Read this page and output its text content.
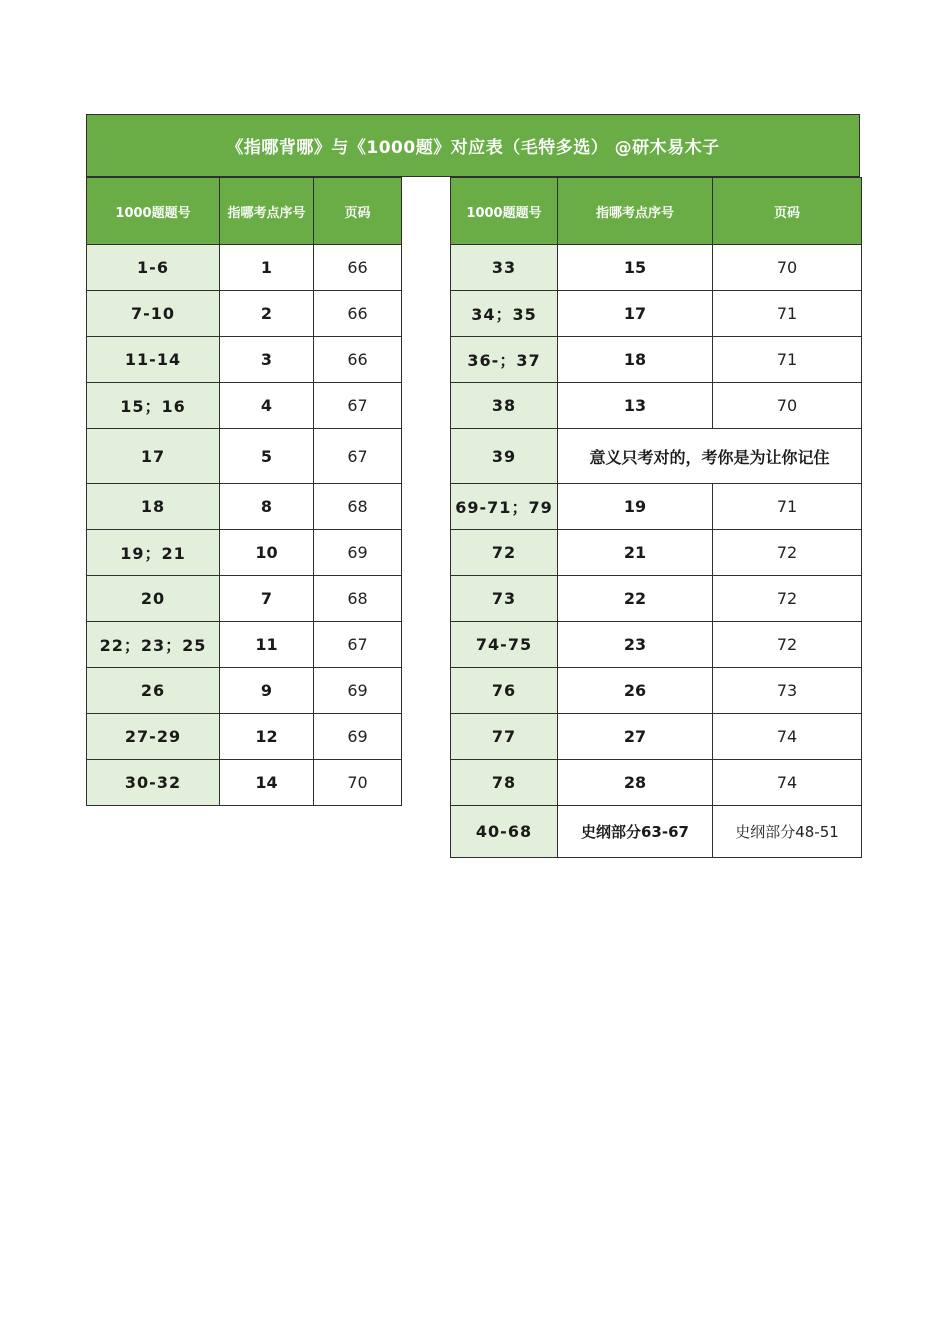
《指哪背哪》与《1000题》对应表（毛特多选） @研木易木子
1000题题号	指哪考点序号	页码
1-6	1	66
7-10	2	66
11-14	3	66
15；16	4	67
17	5	67
18	8	68
19；21	10	69
20	7	68
22；23；25	11	67
26	9	69
27-29	12	69
30-32	14	70
1000题题号	指哪考点序号	页码
33	15	70
34；35	17	71
36-；37	18	71
38	13	70
39	意义只考对的，考你是为让你记住	
69-71；79	19	71
72	21	72
73	22	72
74-75	23	72
76	26	73
77	27	74
78	28	74
40-68	史纲部分63-67	史纲部分48-51
